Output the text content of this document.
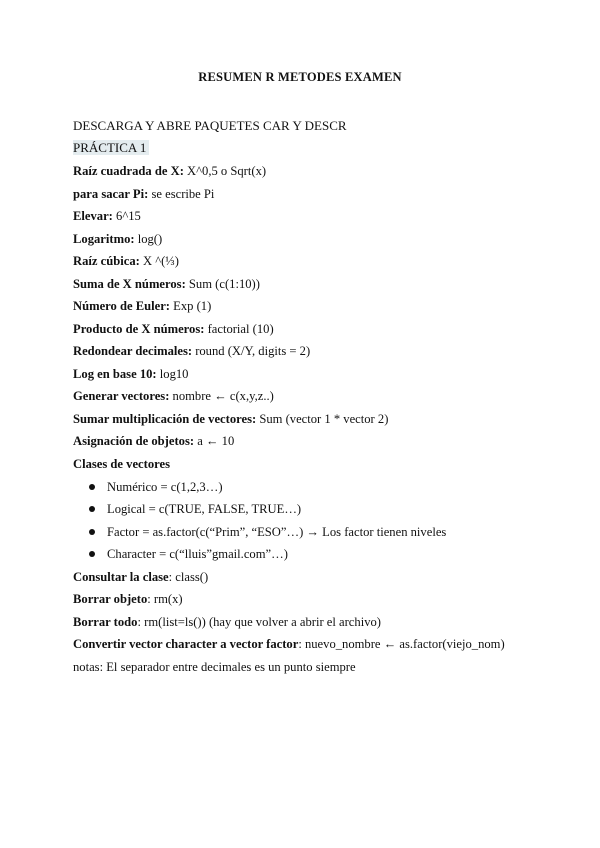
RESUMEN R METODES EXAMEN
DESCARGA Y ABRE PAQUETES CAR Y DESCR
PRÁCTICA 1
Raíz cuadrada de X: X^0,5 o Sqrt(x)
para sacar Pi: se escribe Pi
Elevar: 6^15
Logaritmo: log()
Raíz cúbica: X ^(⅓)
Suma de X números: Sum (c(1:10))
Número de Euler: Exp (1)
Producto de X números: factorial (10)
Redondear decimales: round (X/Y, digits = 2)
Log en base 10: log10
Generar vectores: nombre ← c(x,y,z..)
Sumar multiplicación de vectores: Sum (vector 1 * vector 2)
Asignación de objetos: a ← 10
Clases de vectores
Numérico = c(1,2,3…)
Logical = c(TRUE, FALSE, TRUE…)
Factor = as.factor(c(“Prim”, “ESO”…) → Los factor tienen niveles
Character = c(“lluis”gmail.com”…)
Consultar la clase: class()
Borrar objeto: rm(x)
Borrar todo: rm(list=ls()) (hay que volver a abrir el archivo)
Convertir vector character a vector factor: nuevo_nombre ← as.factor(viejo_nom)
notas: El separador entre decimales es un punto siempre
